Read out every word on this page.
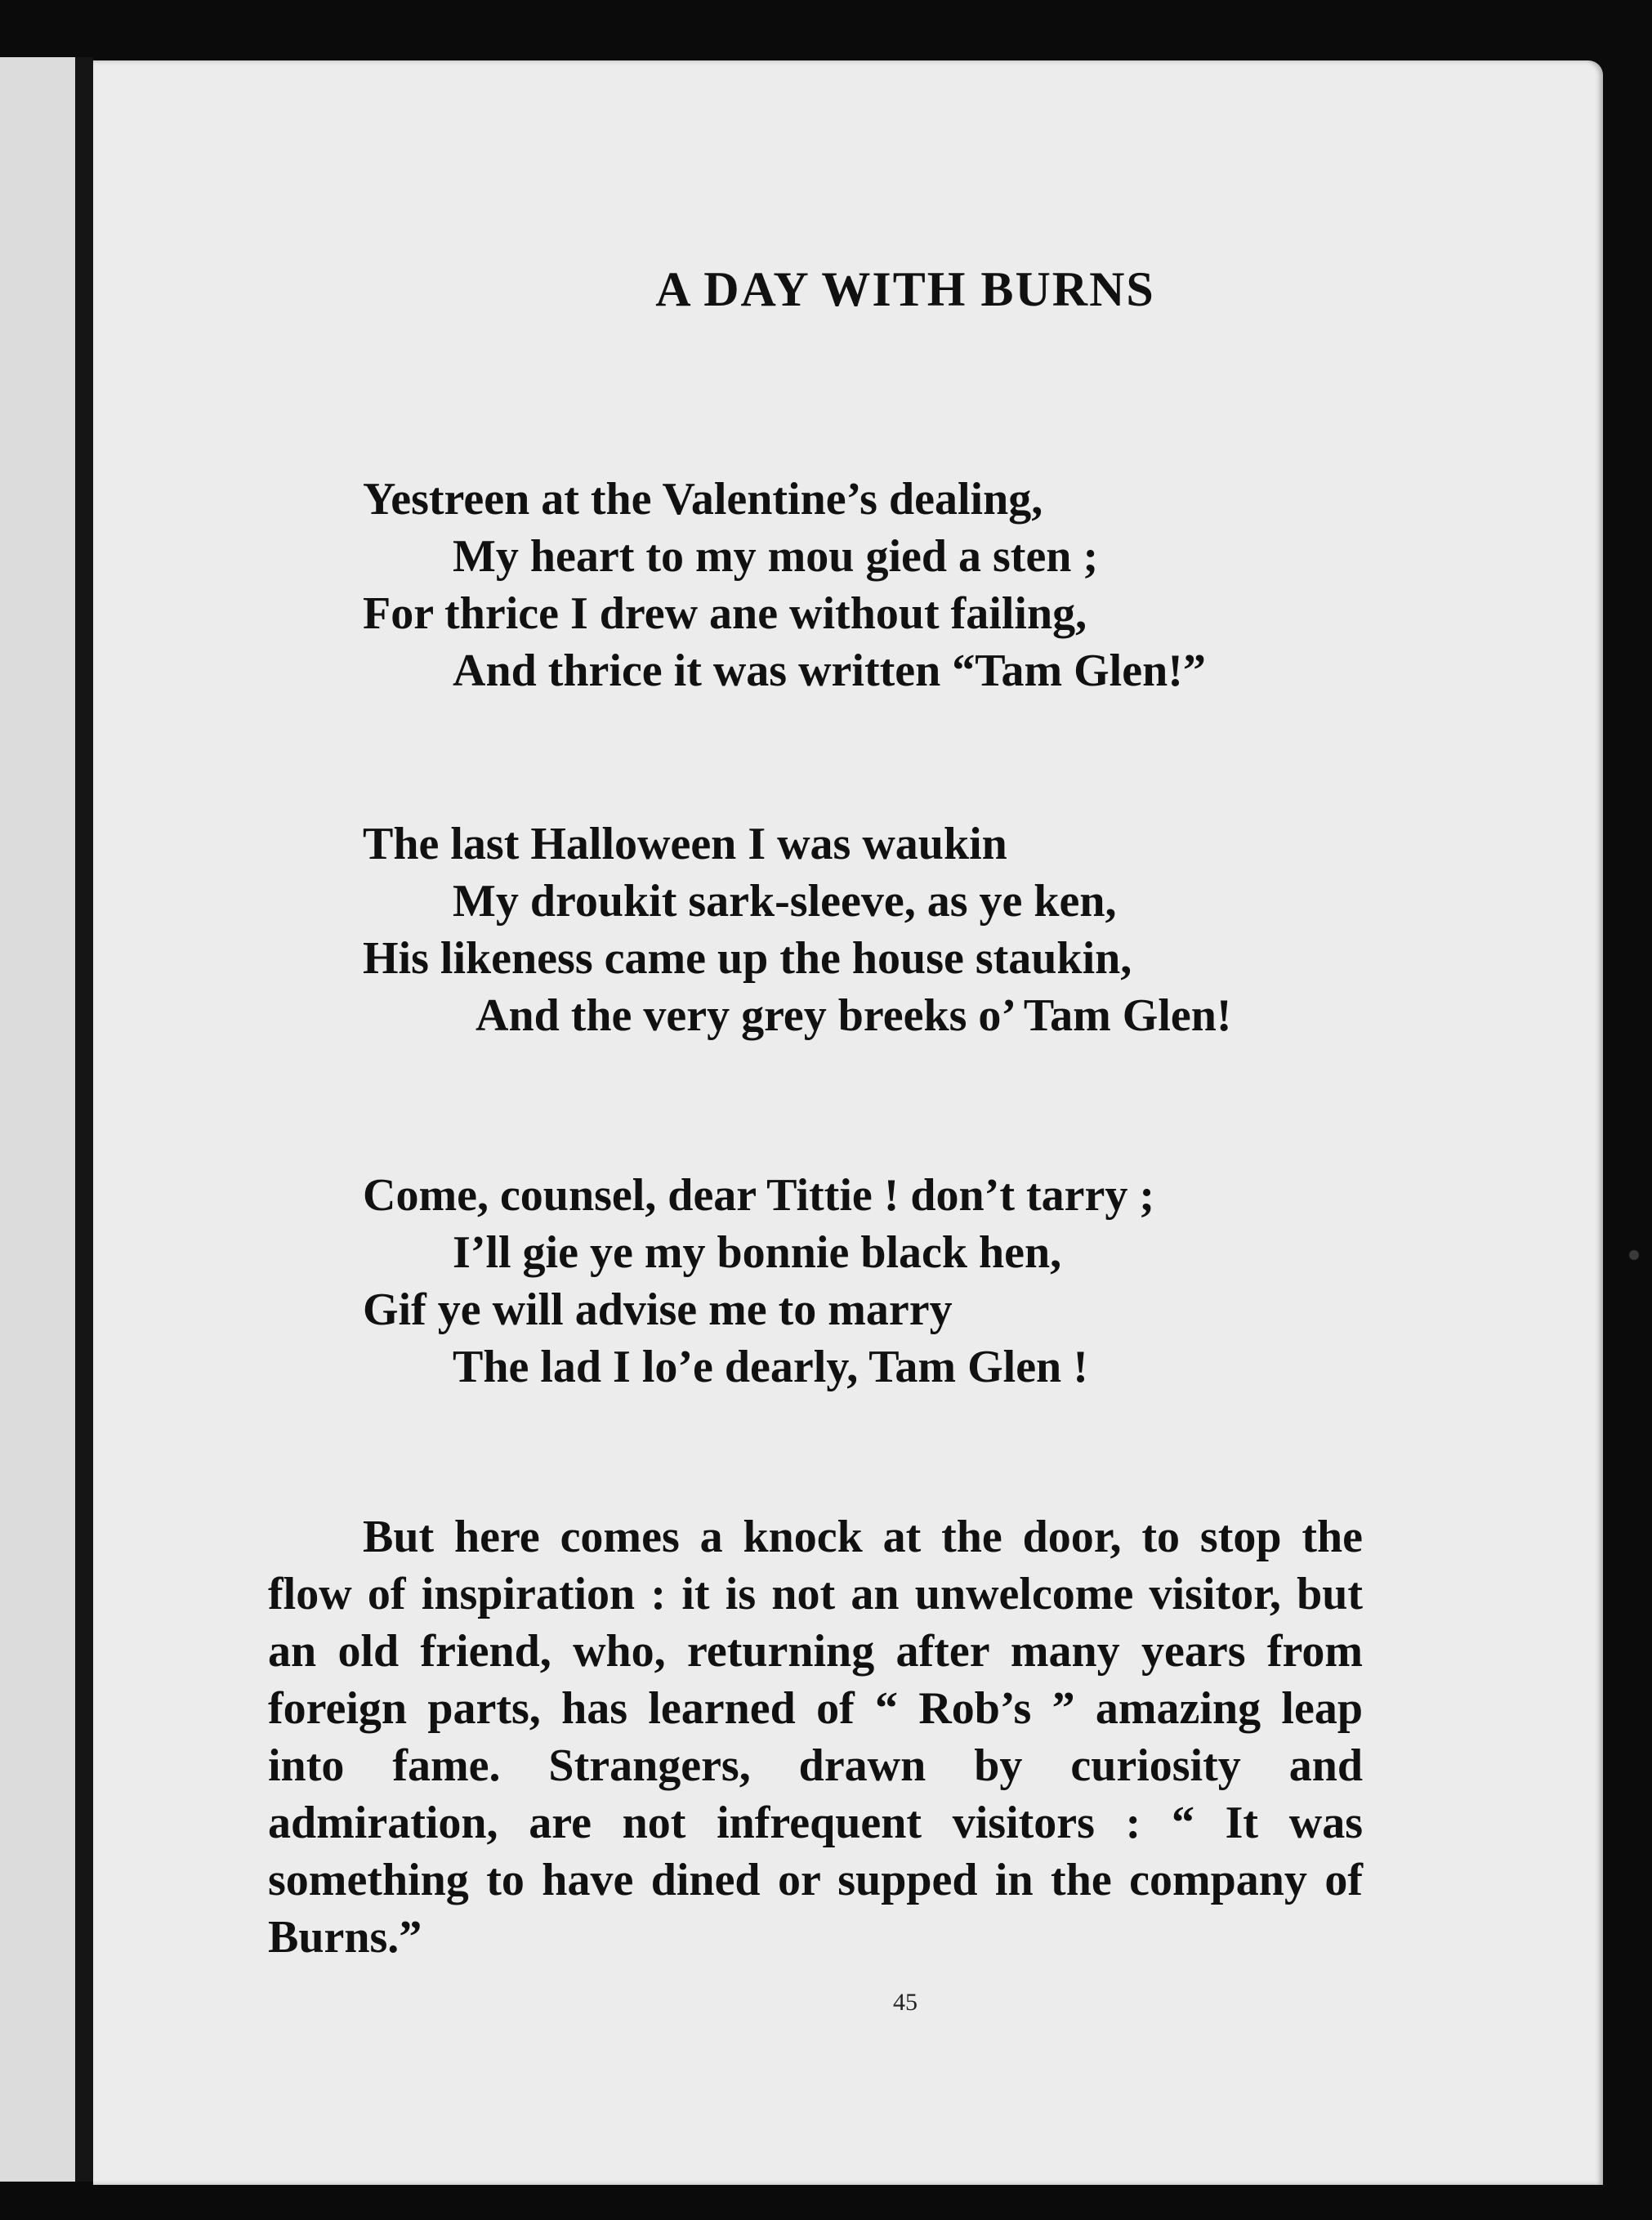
A DAY WITH BURNS
Yestreen at the Valentine’s dealing,
My heart to my mou gied a sten ;
For thrice I drew ane without failing,
And thrice it was written “Tam Glen!”
The last Halloween I was waukin
My droukit sark-sleeve, as ye ken,
His likeness came up the house staukin,
And the very grey breeks o’ Tam Glen!
Come, counsel, dear Tittie ! don’t tarry ;
I’ll gie ye my bonnie black hen,
Gif ye will advise me to marry
The lad I lo’e dearly, Tam Glen !
But here comes a knock at the door, to stop the flow of inspiration : it is not an unwelcome visitor, but an old friend, who, returning after many years from foreign parts, has learned of “ Rob’s ” amazing leap into fame. Strangers, drawn by curiosity and admiration, are not infrequent visitors : “ It was something to have dined or supped in the company of Burns.”
45
